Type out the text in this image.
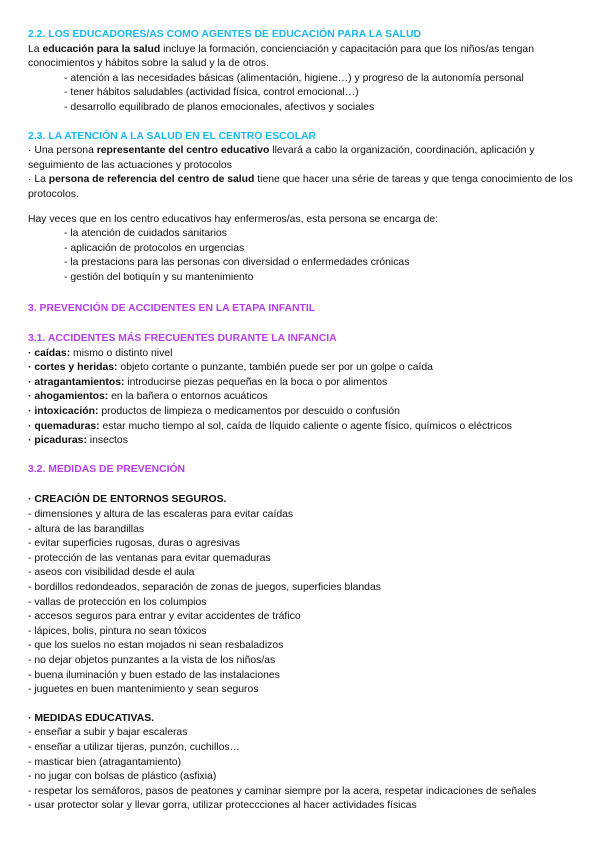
2.2. LOS EDUCADORES/AS COMO AGENTES DE EDUCACIÓN PARA LA SALUD
La educación para la salud incluye la formación, concienciación y capacitación para que los niños/as tengan conocimientos y hábitos sobre la salud y la de otros.
- atención a las necesidades básicas (alimentación, higiene…) y progreso de la autonomía personal
- tener hábitos saludables (actividad física, control emocional…)
- desarrollo equilibrado de planos emocionales, afectivos y sociales
2.3. LA ATENCIÓN A LA SALUD EN EL CENTRO ESCOLAR
· Una persona representante del centro educativo llevará a cabo la organización, coordinación, aplicación y seguimiento de las actuaciones y protocolos
· La persona de referencia del centro de salud tiene que hacer una série de tareas y que tenga conocimiento de los protocolos.
Hay veces que en los centro educativos hay enfermeros/as, esta persona se encarga de:
- la atención de cuidados sanitarios
- aplicación de protocolos en urgencias
- la prestacions para las personas con diversidad o enfermedades crónicas
- gestión del botiquín y su mantenimiento
3. PREVENCIÓN DE ACCIDENTES EN LA ETAPA INFANTIL
3.1. ACCIDENTES MÁS FRECUENTES DURANTE LA INFANCIA
· caídas: mismo o distinto nivel
· cortes y heridas: objeto cortante o punzante, también puede ser por un golpe o caída
· atragantamientos: introducirse piezas pequeñas en la boca o por alimentos
· ahogamientos: en la bañera o entornos acuáticos
· intoxicación: productos de limpieza o medicamentos por descuido o confusión
· quemaduras: estar mucho tiempo al sol, caída de líquido caliente o agente físico, químicos o eléctricos
· picaduras: insectos
3.2. MEDIDAS DE PREVENCIÓN
· CREACIÓN DE ENTORNOS SEGUROS.
- dimensiones y altura de las escaleras para evitar caídas
- altura de las barandillas
- evitar superficies rugosas, duras o agresivas
- protección de las ventanas para evitar quemaduras
- aseos con visibilidad desde el aula
- bordillos redondeados, separación de zonas de juegos, superficies blandas
- vallas de protección en los columpios
- accesos seguros para entrar y evitar accidentes de tráfico
- lápices, bolis, pintura no sean tóxicos
- que los suelos no estan mojados ni sean resbaladizos
- no dejar objetos punzantes a la vista de los niños/as
- buena iluminación y buen estado de las instalaciones
- juguetes en buen mantenimiento y sean seguros
· MEDIDAS EDUCATIVAS.
- enseñar a subir y bajar escaleras
- enseñar a utilizar tijeras, punzón, cuchillos…
- masticar bien (atragantamiento)
- no jugar con bolsas de plástico (asfixia)
- respetar los semáforos, pasos de peatones y caminar siempre por la acera, respetar indicaciones de señales
- usar protector solar y llevar gorra, utilizar proteccciones al hacer actividades físicas
